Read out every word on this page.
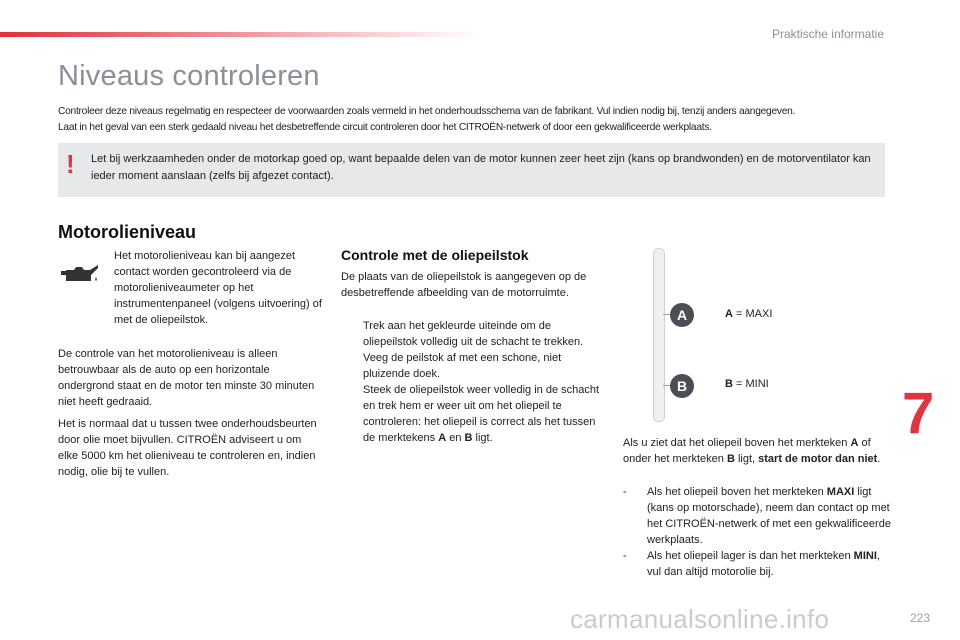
Praktische informatie
Niveaus controleren
Controleer deze niveaus regelmatig en respecteer de voorwaarden zoals vermeld in het onderhoudsschema van de fabrikant. Vul indien nodig bij, tenzij anders aangegeven.
Laat in het geval van een sterk gedaald niveau het desbetreffende circuit controleren door het CITROËN-netwerk of door een gekwalificeerde werkplaats.
! Let bij werkzaamheden onder de motorkap goed op, want bepaalde delen van de motor kunnen zeer heet zijn (kans op brandwonden) en de motorventilator kan ieder moment aanslaan (zelfs bij afgezet contact).
Motorolieniveau
Het motorolieniveau kan bij aangezet contact worden gecontroleerd via de motorolieniveaumeter op het instrumentenpaneel (volgens uitvoering) of met de oliepeilstok.
De controle van het motorolieniveau is alleen betrouwbaar als de auto op een horizontale ondergrond staat en de motor ten minste 30 minuten niet heeft gedraaid.
Het is normaal dat u tussen twee onderhoudsbeurten door olie moet bijvullen. CITROËN adviseert u om elke 5000 km het olieniveau te controleren en, indien nodig, olie bij te vullen.
Controle met de oliepeilstok
De plaats van de oliepeilstok is aangegeven op de desbetreffende afbeelding van de motorruimte.
Trek aan het gekleurde uiteinde om de oliepeilstok volledig uit de schacht te trekken.
Veeg de peilstok af met een schone, niet pluizende doek.
Steek de oliepeilstok weer volledig in de schacht en trek hem er weer uit om het oliepeil te controleren: het oliepeil is correct als het tussen de merktekens A en B ligt.
A
B
A = MAXI
B = MINI
Als u ziet dat het oliepeil boven het merkteken A of onder het merkteken B ligt, start de motor dan niet.
- Als het oliepeil boven het merkteken MAXI ligt (kans op motorschade), neem dan contact op met het CITROËN-netwerk of met een gekwalificeerde werkplaats.
- Als het oliepeil lager is dan het merkteken MINI, vul dan altijd motorolie bij.
7
carmanualsonline.info	223
